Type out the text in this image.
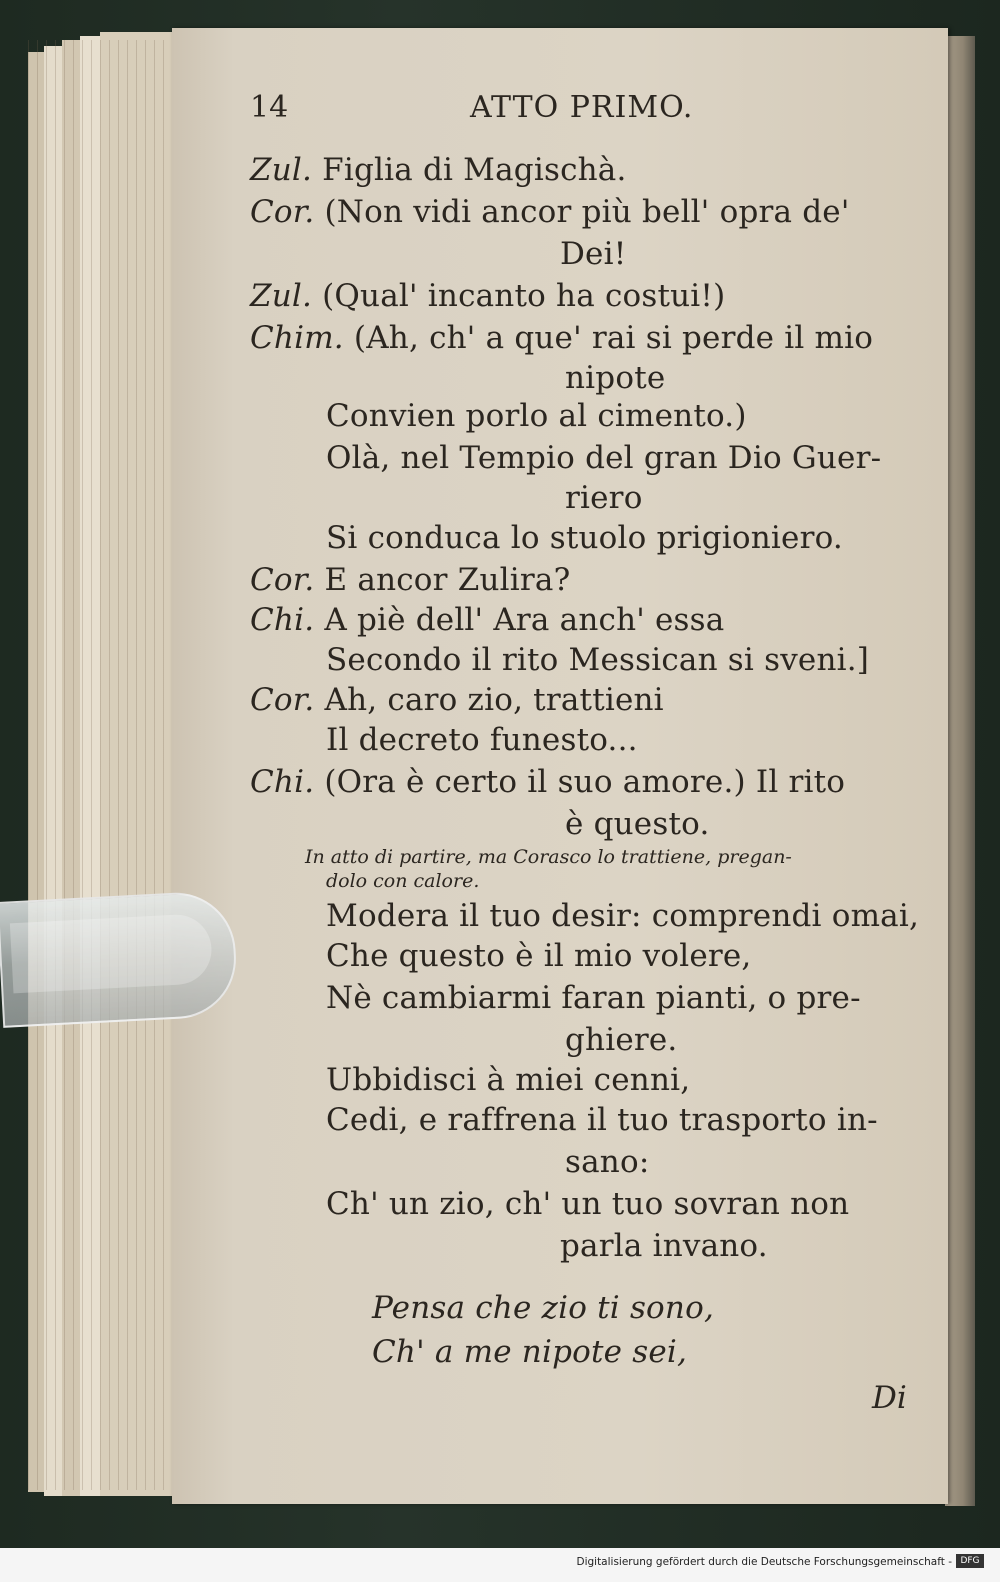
14	ATTO PRIMO.
Zul. Figlia di Magischà.
Cor. (Non vidi ancor più bell' opra de'
Dei!
Zul. (Qual' incanto ha costui!)
Chim. (Ah, ch' a que' rai si perde il mio
nipote
Convien porlo al cimento.)
Olà, nel Tempio del gran Dio Guer-
riero
Si conduca lo stuolo prigioniero.
Cor. E ancor Zulira?
Chi. A piè dell' Ara anch' essa
Secondo il rito Messican si sveni.]
Cor. Ah, caro zio, trattieni
Il decreto funesto...
Chi. (Ora è certo il suo amore.) Il rito
è questo.
In atto di partire, ma Corasco lo trattiene, pregan-
dolo con calore.
Modera il tuo desir: comprendi omai,
Che questo è il mio volere,
Nè cambiarmi faran pianti, o pre-
ghiere.
Ubbidisci à miei cenni,
Cedi, e raffrena il tuo trasporto in-
sano:
Ch' un zio, ch' un tuo sovran non
parla invano.
Pensa che zio ti sono,
Ch' a me nipote sei,
Di
Digitalisierung gefördert durch die Deutsche Forschungsgemeinschaft - DFG
